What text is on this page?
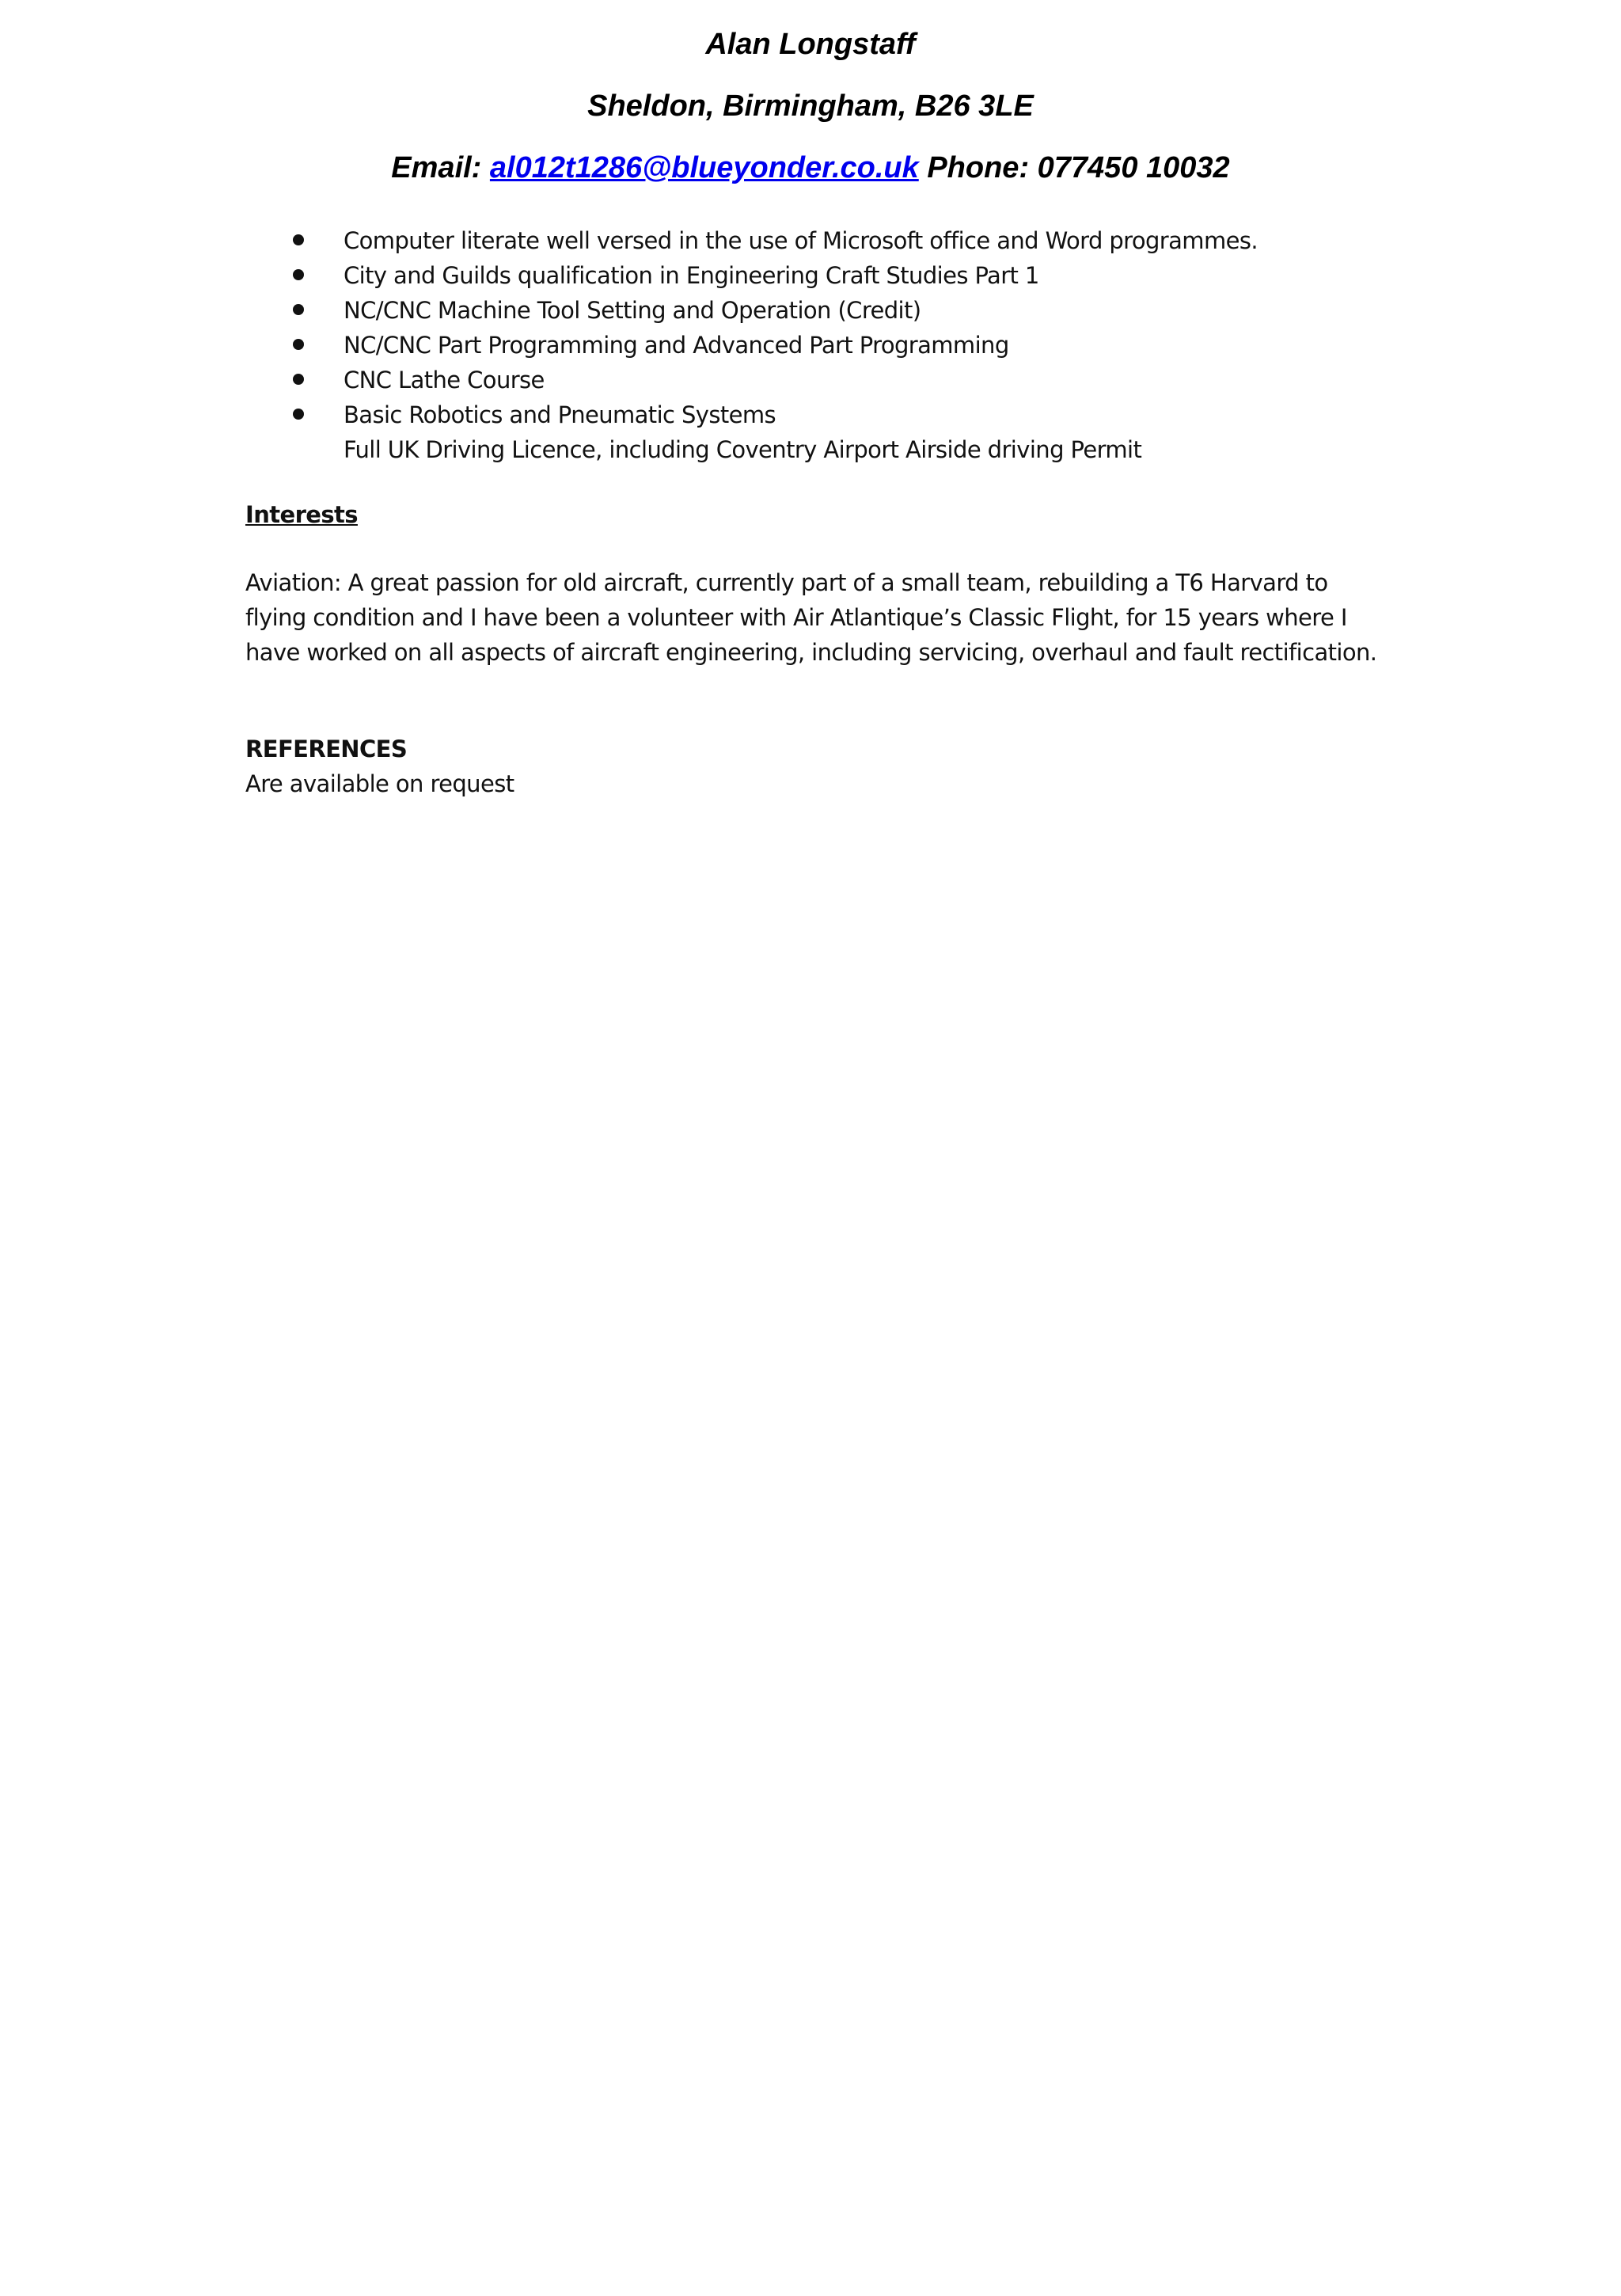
Alan Longstaff
Sheldon, Birmingham, B26 3LE
Email: al012t1286@blueyonder.co.uk Phone: 077450 10032
Computer literate well versed in the use of Microsoft office and Word programmes.
City and Guilds qualification in Engineering Craft Studies Part 1
NC/CNC Machine Tool Setting and Operation (Credit)
NC/CNC Part Programming and Advanced Part Programming
CNC Lathe Course
Basic Robotics and Pneumatic Systems
Full UK Driving Licence, including Coventry Airport Airside driving Permit
Interests

Aviation: A great passion for old aircraft, currently part of a small team, rebuilding a T6 Harvard to
flying condition and I have been a volunteer with Air Atlantique’s Classic Flight, for 15 years where I
have worked on all aspects of aircraft engineering, including servicing, overhaul and fault rectification.

REFERENCES
Are available on request
